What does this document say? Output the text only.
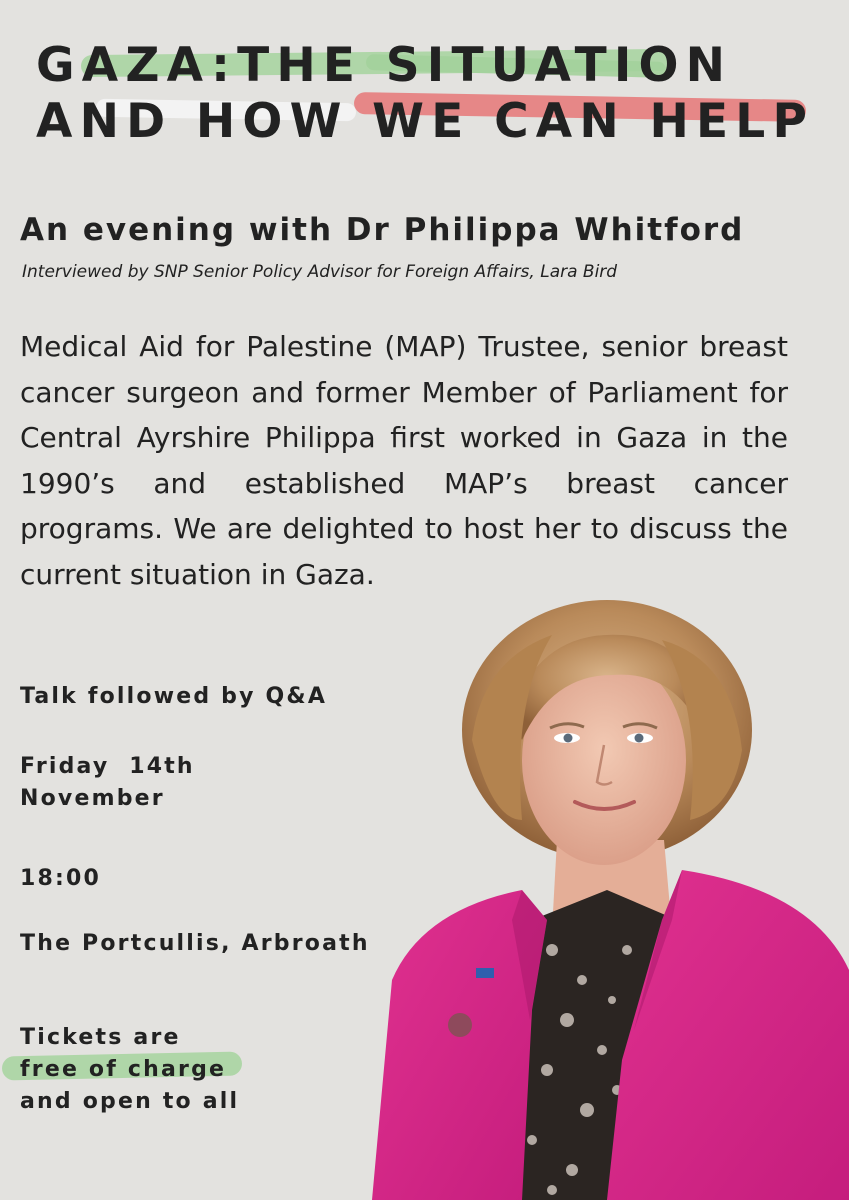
GAZA:THE SITUATION
AND HOW WE CAN HELP
An evening with Dr Philippa Whitford

Interviewed by SNP Senior Policy Advisor for Foreign Affairs, Lara Bird

Medical Aid for Palestine (MAP) Trustee, senior breast cancer surgeon and former Member of Parliament for Central Ayrshire Philippa first worked in Gaza in the 1990’s and established MAP’s breast cancer programs. We are delighted to host her to discuss the current situation in Gaza.

Talk followed by Q&A

Friday  14th
November

18:00

The Portcullis, Arbroath

Tickets are
free of charge
and open to all
